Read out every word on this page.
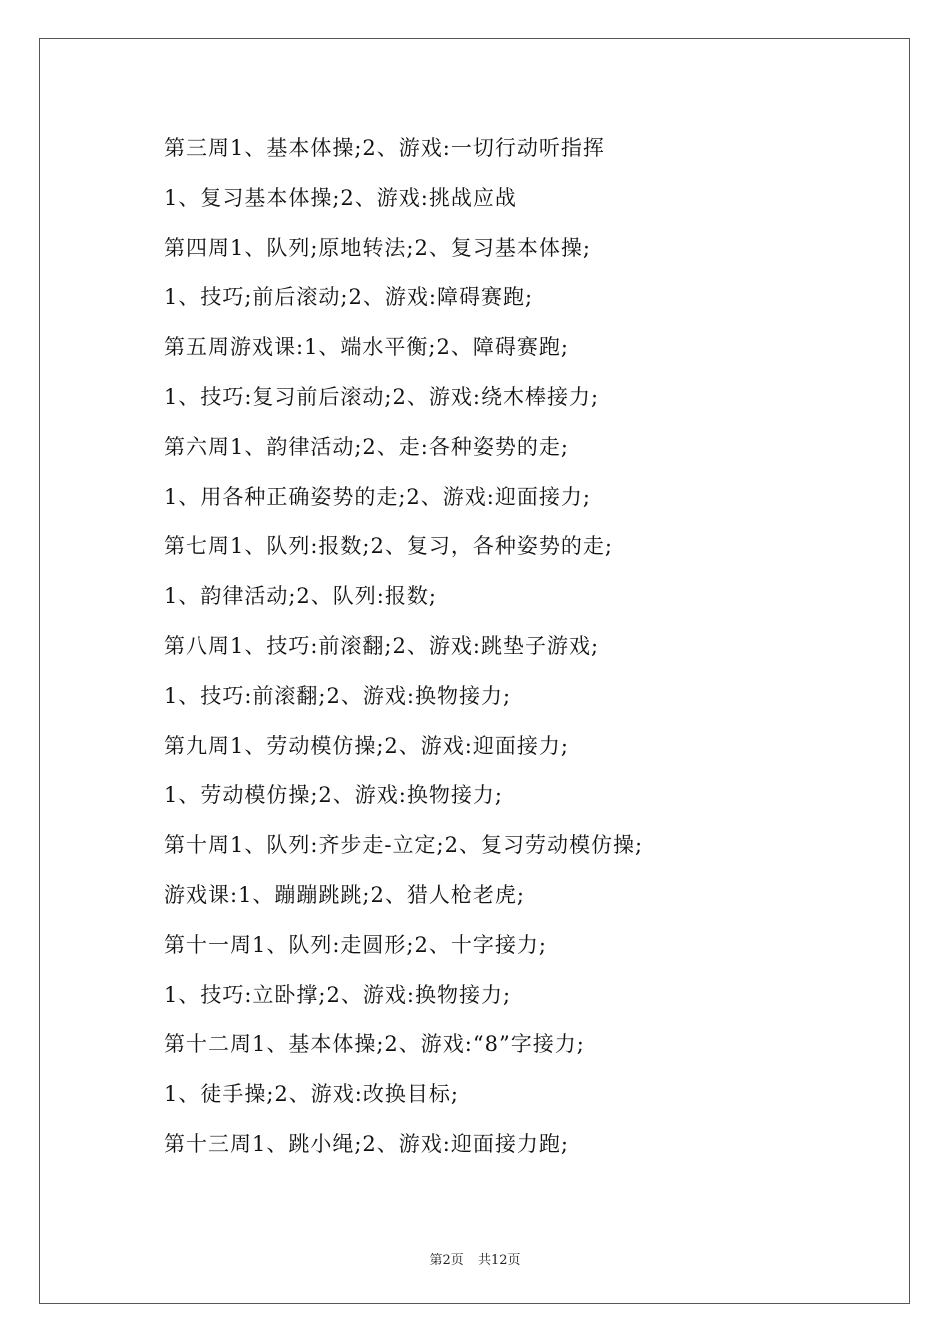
第三周1、基本体操;2、游戏:一切行动听指挥
1、复习基本体操;2、游戏:挑战应战
第四周1、队列;原地转法;2、复习基本体操;
1、技巧;前后滚动;2、游戏:障碍赛跑;
第五周游戏课:1、端水平衡;2、障碍赛跑;
1、技巧:复习前后滚动;2、游戏:绕木棒接力;
第六周1、韵律活动;2、走:各种姿势的走;
1、用各种正确姿势的走;2、游戏:迎面接力;
第七周1、队列:报数;2、复习，各种姿势的走;
1、韵律活动;2、队列:报数;
第八周1、技巧:前滚翻;2、游戏:跳垫子游戏;
1、技巧:前滚翻;2、游戏:换物接力;
第九周1、劳动模仿操;2、游戏:迎面接力;
1、劳动模仿操;2、游戏:换物接力;
第十周1、队列:齐步走-立定;2、复习劳动模仿操;
游戏课:1、蹦蹦跳跳;2、猎人枪老虎;
第十一周1、队列:走圆形;2、十字接力;
1、技巧:立卧撑;2、游戏:换物接力;
第十二周1、基本体操;2、游戏:“8”字接力;
1、徒手操;2、游戏:改换目标;
第十三周1、跳小绳;2、游戏:迎面接力跑;
第2页 共12页
